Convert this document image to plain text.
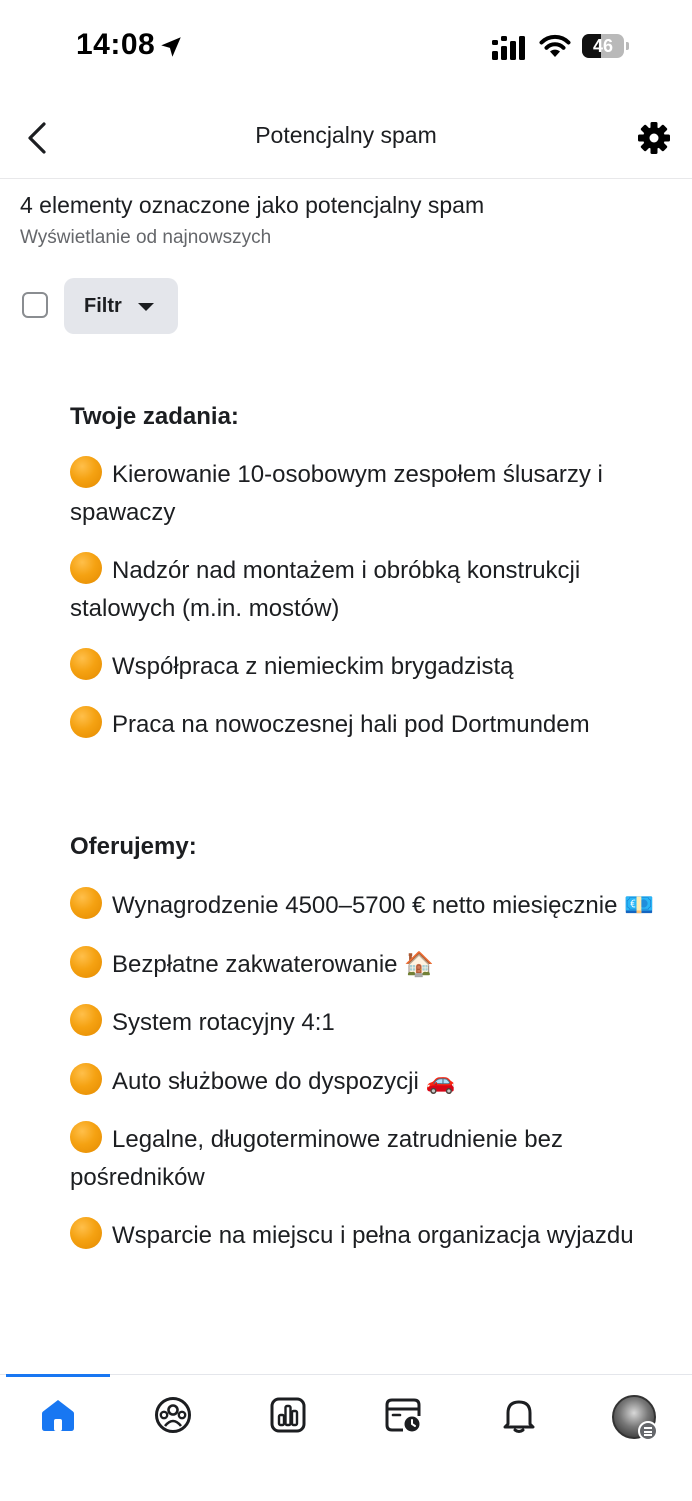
14:08	46
Potencjalny spam
4 elementy oznaczone jako potencjalny spam
Wyświetlanie od najnowszych
Filtr
Twoje zadania:
Kierowanie 10-osobowym zespołem ślusarzy i spawaczy
Nadzór nad montażem i obróbką konstrukcji stalowych (m.in. mostów)
Współpraca z niemieckim brygadzistą
Praca na nowoczesnej hali pod Dortmundem
Oferujemy:
Wynagrodzenie 4500–5700 € netto miesięcznie 💶
Bezpłatne zakwaterowanie 🏠
System rotacyjny 4:1
Auto służbowe do dyspozycji 🚗
Legalne, długoterminowe zatrudnienie bez pośredników
Wsparcie na miejscu i pełna organizacja wyjazdu
